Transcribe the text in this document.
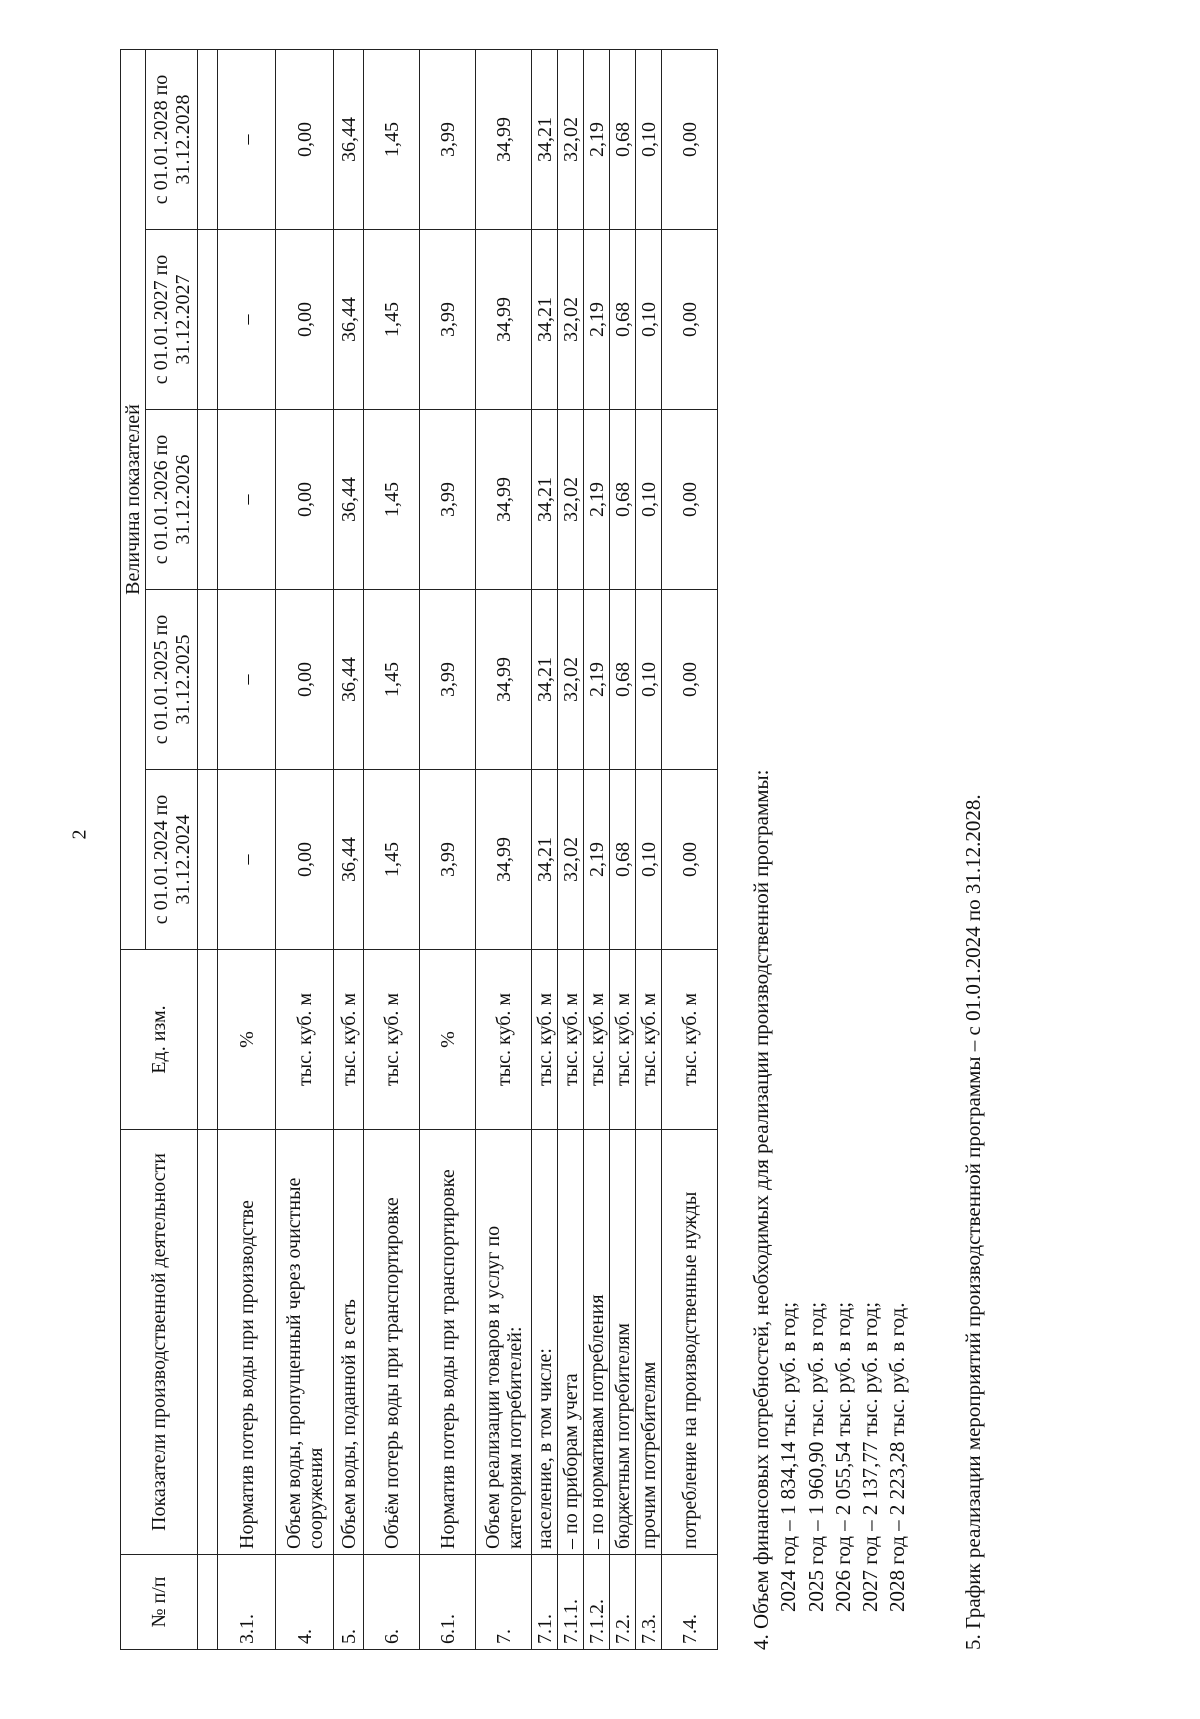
2
№ п/п	Показатели производственной деятельности	Ед. изм.	Величина показателей				
			с 01.01.2024 по 31.12.2024	с 01.01.2025 по 31.12.2025	с 01.01.2026 по 31.12.2026	с 01.01.2027 по 31.12.2027	с 01.01.2028 по 31.12.2028

3.1.	Норматив потерь воды при производстве	%	–	–	–	–	–
4.	Объем воды, пропущенный через очистные сооружения	тыс. куб. м	0,00	0,00	0,00	0,00	0,00
5.	Объем воды, поданной в сеть	тыс. куб. м	36,44	36,44	36,44	36,44	36,44
6.	Объём потерь воды при транспортировке	тыс. куб. м	1,45	1,45	1,45	1,45	1,45
6.1.	Норматив потерь воды при транспортировке	%	3,99	3,99	3,99	3,99	3,99
7.	Объем реализации товаров и услуг по категориям потребителей:	тыс. куб. м	34,99	34,99	34,99	34,99	34,99
7.1.	население, в том числе:	тыс. куб. м	34,21	34,21	34,21	34,21	34,21
7.1.1.	– по приборам учета	тыс. куб. м	32,02	32,02	32,02	32,02	32,02
7.1.2.	– по нормативам потребления	тыс. куб. м	2,19	2,19	2,19	2,19	2,19
7.2.	бюджетным потребителям	тыс. куб. м	0,68	0,68	0,68	0,68	0,68
7.3.	прочим потребителям	тыс. куб. м	0,10	0,10	0,10	0,10	0,10
7.4.	потребление на производственные нужды	тыс. куб. м	0,00	0,00	0,00	0,00	0,00
4. Объем финансовых потребностей, необходимых для реализации производственной программы: 2024 год – 1 834,14 тыс. руб. в год; 2025 год – 1 960,90 тыс. руб. в год; 2026 год – 2 055,54 тыс. руб. в год; 2027 год – 2 137,77 тыс. руб. в год; 2028 год – 2 223,28 тыс. руб. в год. 5. График реализации мероприятий производственной программы – с 01.01.2024 по 31.12.2028.
